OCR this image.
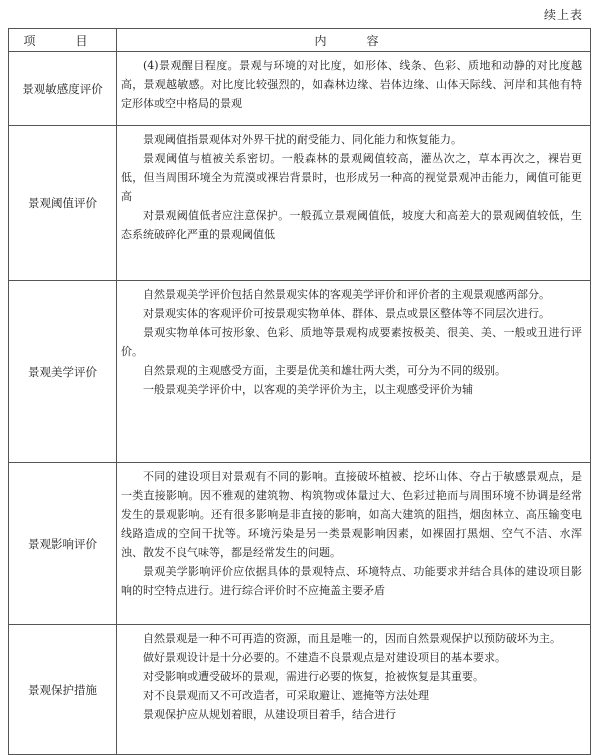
续上表
项　目	内　容
景观敏感度评价	(4)景观醒目程度。景观与环境的对比度，如形体、线条、色彩、质地和动静的对比度越高，景观越敏感。对比度比较强烈的，如森林边缘、岩体边缘、山体天际线、河岸和其他有特定形体或空中格局的景观

景观阈值评价	景观阈值指景观体对外界干扰的耐受能力、同化能力和恢复能力。

景观阈值与植被关系密切。一般森林的景观阈值较高，灌丛次之，草本再次之，裸岩更低，但当周围环境全为荒漠或裸岩背景时，也形成另一种高的视觉景观冲击能力，阈值可能更高

对景观阈值低者应注意保护。一般孤立景观阈值低，坡度大和高差大的景观阈值较低，生态系统破碎化严重的景观阈值低

景观美学评价	自然景观美学评价包括自然景观实体的客观美学评价和评价者的主观景观感两部分。

对景观实体的客观评价可按景观实物单体、群体、景点或景区整体等不同层次进行。

景观实物单体可按形象、色彩、质地等景观构成要素按极美、很美、美、一般或丑进行评价。

自然景观的主观感受方面，主要是优美和雄壮两大类，可分为不同的级别。

一般景观美学评价中，以客观的美学评价为主，以主观感受评价为辅

景观影响评价	不同的建设项目对景观有不同的影响。直接破坏植被、挖坏山体、夺占于敏感景观点，是一类直接影响。因不雅观的建筑物、构筑物或体量过大、色彩过艳而与周围环境不协调是经常发生的景观影响。还有很多影响是非直接的影响，如高大建筑的阻挡，烟囱林立、高压输变电线路造成的空间干扰等。环境污染是另一类景观影响因素，如裸固打黑烟、空气不洁、水浑浊、散发不良气味等，都是经常发生的问题。

景观美学影响评价应依据具体的景观特点、环境特点、功能要求并结合具体的建设项目影响的时空特点进行。进行综合评价时不应掩盖主要矛盾

景观保护措施	自然景观是一种不可再造的资源，而且是唯一的，因而自然景观保护以预防破坏为主。

做好景观设计是十分必要的。不建造不良景观点是对建设项目的基本要求。

对受影响或遭受破坏的景观，需进行必要的恢复，抢被恢复是其重要。

对不良景观而又不可改造者，可采取避让、遮掩等方法处理

景观保护应从规划着眼，从建设项目着手，结合进行
